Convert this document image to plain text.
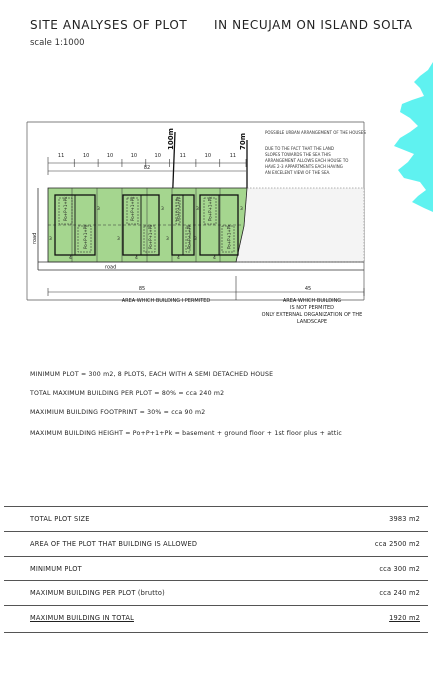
SITE ANALYSES OF PLOT IN NECUJAM ON ISLAND SOLTA
scale 1:1000
11	10	10	10	10	11	10	11
82
100m	70m
POSSIBLE URBAN ARRANGEMENT OF THE HOUSES
DUE TO THE FACT THAT THE LAND
SLOPES TOWARDS THE SEA THIS
ARRANGEMENT ALLOWS EACH HOUSE TO
HAVE 2-3 APPARTMENTS EACH HAVING
AN EXCELENT VIEW OF THE SEA.
Po+P+1+Pk
Po+P+1+Pk
3
3
4
Po+P+1+Pk
Po+P+1+Pk
3
3
4
Po+P+1+Pk
Po+P+1+Pk
3
3
4
Po+P+1+Pk
Po+P+1+Pk
3
3
4
road
road
85	45
AREA WHICH BUILDING I PERMITED	AREA WHICH BUILDING
IS NOT PERMITED
ONLY EXTERNAL ORGANIZATION OF THE
LANDSCAPE
MINIMUM PLOT = 300 m2, 8 PLOTS, EACH WITH A SEMI DETACHED HOUSE
TOTAL MAXIMUM BUILDING PER PLOT = 80% = cca 240 m2
MAXIMIUM BUILDING FOOTPRINT = 30% = cca 90 m2
MAXIMUM BUILDING HEIGHT = Po+P+1+Pk = basement + ground floor + 1st floor plus + attic
TOTAL PLOT SIZE	3983 m2
AREA OF THE PLOT THAT BUILDING IS ALLOWED	cca 2500 m2
MINIMUM PLOT	cca 300 m2
MAXIMUM BUILDING PER PLOT (brutto)	cca 240 m2
MAXIMUM BUILDING IN TOTAL	1920 m2
